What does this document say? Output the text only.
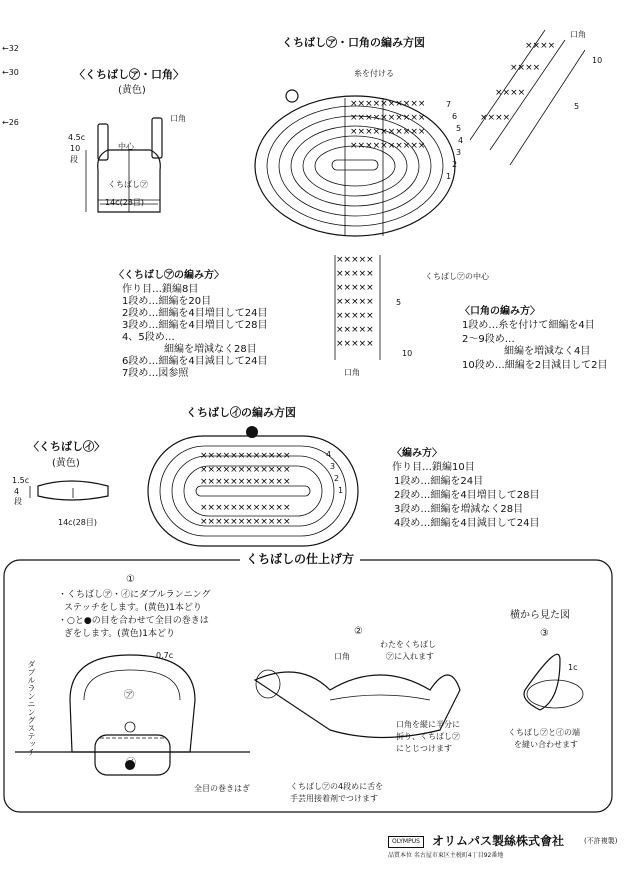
←32
←30
←26
くちばし㋐・口角の編み方図
〈くちばし㋐・口角〉
(黄色)
××××××××××
××××××××××
××××××××××
××××××××××
×××××
×××××
×××××
×××××
×××××
×××××
×××××
××××
××××
××××
××××
××××××××××××
××××××××××××
××××××××××××
××××××××××××
××××××××××××
4.5c
10
段
中心
口角
くちばし㋐
14c(28目)
糸を付ける
くちばし㋐の中心
口角
7
6
5
4
3
2
1
口角
10
5
5
10
〈くちばし㋐の編み方〉
作り目…鎖編8目
1段め…細編を20目
2段め…細編を4目増目して24目
3段め…細編を4目増目して28目
4、5段め…
細編を増減なく28目
6段め…細編を4目減目して24目
7段め…図参照
〈口角の編み方〉
1段め…糸を付けて細編を4目
2～9段め…
細編を増減なく4目
10段め…細編を2目減目して2目
くちばし㋑の編み方図
〈くちばし㋑〉
(黄色)
1.5c
4
段
14c(28目)
4
3
2
1
〈編み方〉
作り目…鎖編10目
1段め…細編を24目
2段め…細編を4目増目して28目
3段め…細編を増減なく28目
4段め…細編を4目減目して24目
くちばしの仕上げ方
①
・くちばし㋐・㋑にダブルランニング
ステッチをします。(黄色)1本どり
・○と●の目を合わせて全目の巻きは
ぎをします。(黄色)1本どり
0.7c
㋐
㋑
ダブルランニングステッチ
全目の巻きはぎ
②
口角
わたをくちばし
㋐に入れます
口角を縦に半分に
折り、くちばし㋐
にとじつけます
くちばし㋐の4段めに舌を
手芸用接着剤でつけます
横から見た図
③
1c
くちばし㋐と㋑の端
を縫い合わせます
OLYMPUS	オリムパス製絲株式會社	(不許複製)
品質本位 名古屋市東区主税町4丁目92番地
